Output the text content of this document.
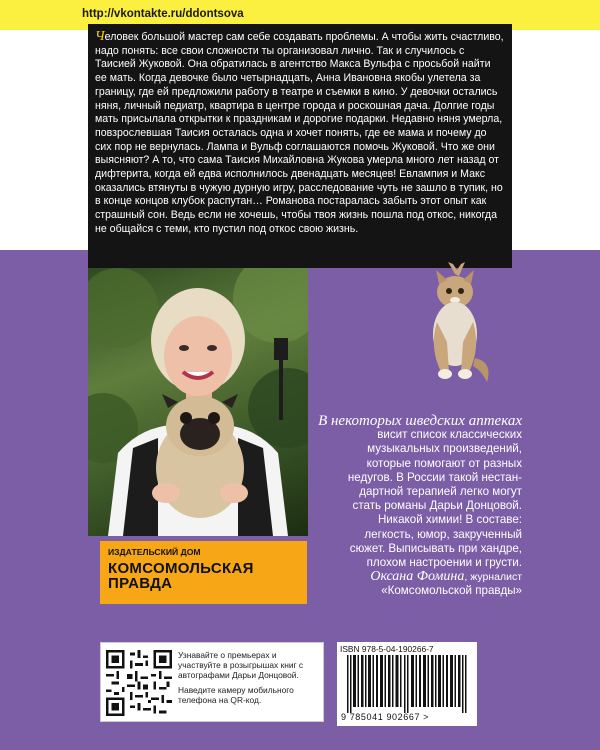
http://vkontakte.ru/ddontsova
Человек большой мастер сам себе создавать проблемы. А чтобы жить счастливо, надо понять: все свои сложности ты организовал лично. Так и случилось с Таисией Жуковой. Она обратилась в агентство Макса Вульфа с просьбой найти ее мать. Когда девочке было четырнадцать, Анна Ивановна якобы улетела за границу, где ей предложили работу в театре и съемки в кино. У девочки остались няня, личный педиатр, квартира в центре города и роскошная дача. Долгие годы мать присылала открытки к праздникам и дорогие подарки. Недавно няня умерла, повзрослевшая Таисия осталась одна и хочет понять, где ее мама и почему до сих пор не вернулась. Лампа и Вульф соглашаются помочь Жуковой. Что же они выясняют? А то, что сама Таисия Михайловна Жукова умерла много лет назад от дифтерита, когда ей едва исполнилось двенадцать месяцев! Евлампия и Макс оказались втянуты в чужую дурную игру, расследование чуть не зашло в тупик, но в конце концов клубок распутан… Романова постаралась забыть этот опыт как страшный сон. Ведь если не хочешь, чтобы твоя жизнь пошла под откос, никогда не общайся с теми, кто пустил под откос свою жизнь.
В некоторых шведских аптеках
висит список классических
музыкальных произведений,
которые помогают от разных
недугов. В России такой нестан-
дартной терапией легко могут
стать романы Дарьи Донцовой.
Никакой химии! В составе:
легкость, юмор, закрученный
сюжет. Выписывать при хандре,
плохом настроении и грусти.
Оксана Фомина, журналист
«Комсомольской правды»
ИЗДАТЕЛЬСКИЙ ДОМ
КОМСОМОЛЬСКАЯ
ПРАВДА
Узнавайте о премьерах и участвуйте в розыгрышах книг с автографами Дарьи Донцовой.
Наведите камеру мобильного телефона на QR-код.
ISBN 978-5-04-190266-7
9 785041 902667 >
